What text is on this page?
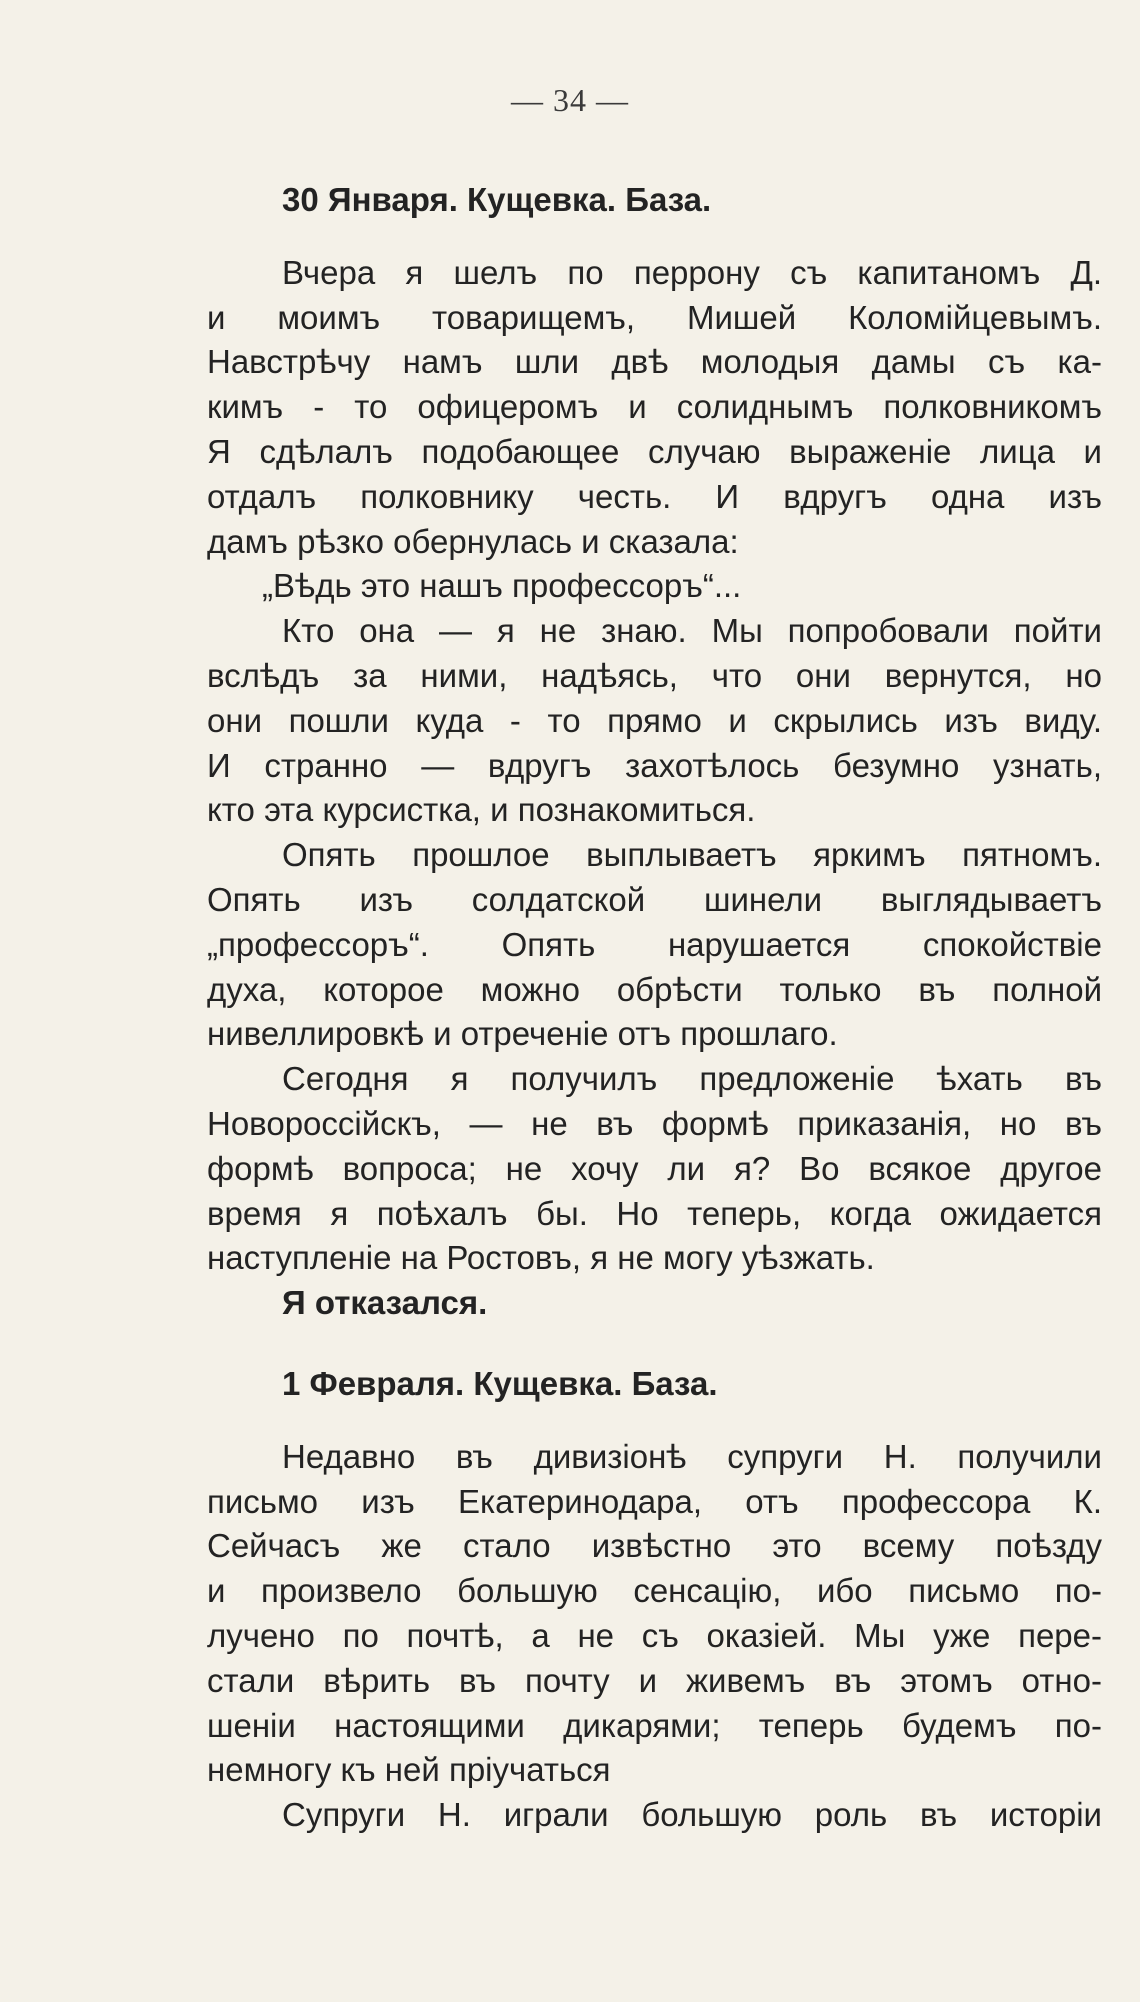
— 34 —
30 Января. Кущевка. База.
Вчера я шелъ по перрону съ капитаномъ Д.
и моимъ товарищемъ, Мишей Коломійцевымъ.
Навстрѣчу намъ шли двѣ молодыя дамы съ ка-
кимъ - то офицеромъ и солиднымъ полковникомъ
Я сдѣлалъ подобающее случаю выраженіе лица и
отдалъ полковнику честь. И вдругъ одна изъ
дамъ рѣзко обернулась и сказала:
„Вѣдь это нашъ профессоръ“...
Кто она — я не знаю. Мы попробовали пойти
вслѣдъ за ними, надѣясь, что они вернутся, но
они пошли куда - то прямо и скрылись изъ виду.
И странно — вдругъ захотѣлось безумно узнать,
кто эта курсистка, и познакомиться.
Опять прошлое выплываетъ яркимъ пятномъ.
Опять изъ солдатской шинели выглядываетъ
„профессоръ“. Опять нарушается спокойствіе
духа, которое можно обрѣсти только въ полной
нивеллировкѣ и отреченіе отъ прошлаго.
Сегодня я получилъ предложеніе ѣхать въ
Новороссійскъ, — не въ формѣ приказанія, но въ
формѣ вопроса; не хочу ли я? Во всякое другое
время я поѣхалъ бы. Но теперь, когда ожидается
наступленіе на Ростовъ, я не могу уѣзжать.
Я отказался.
1 Февраля. Кущевка. База.
Недавно въ дивизіонѣ супруги Н. получили
письмо изъ Екатеринодара, отъ профессора К.
Сейчасъ же стало извѣстно это всему поѣзду
и произвело большую сенсацію, ибо письмо по-
лучено по почтѣ, а не съ оказіей. Мы уже пере-
стали вѣрить въ почту и живемъ въ этомъ отно-
шеніи настоящими дикарями; теперь будемъ по-
немногу къ ней пріучаться
Супруги Н. играли большую роль въ исторіи
